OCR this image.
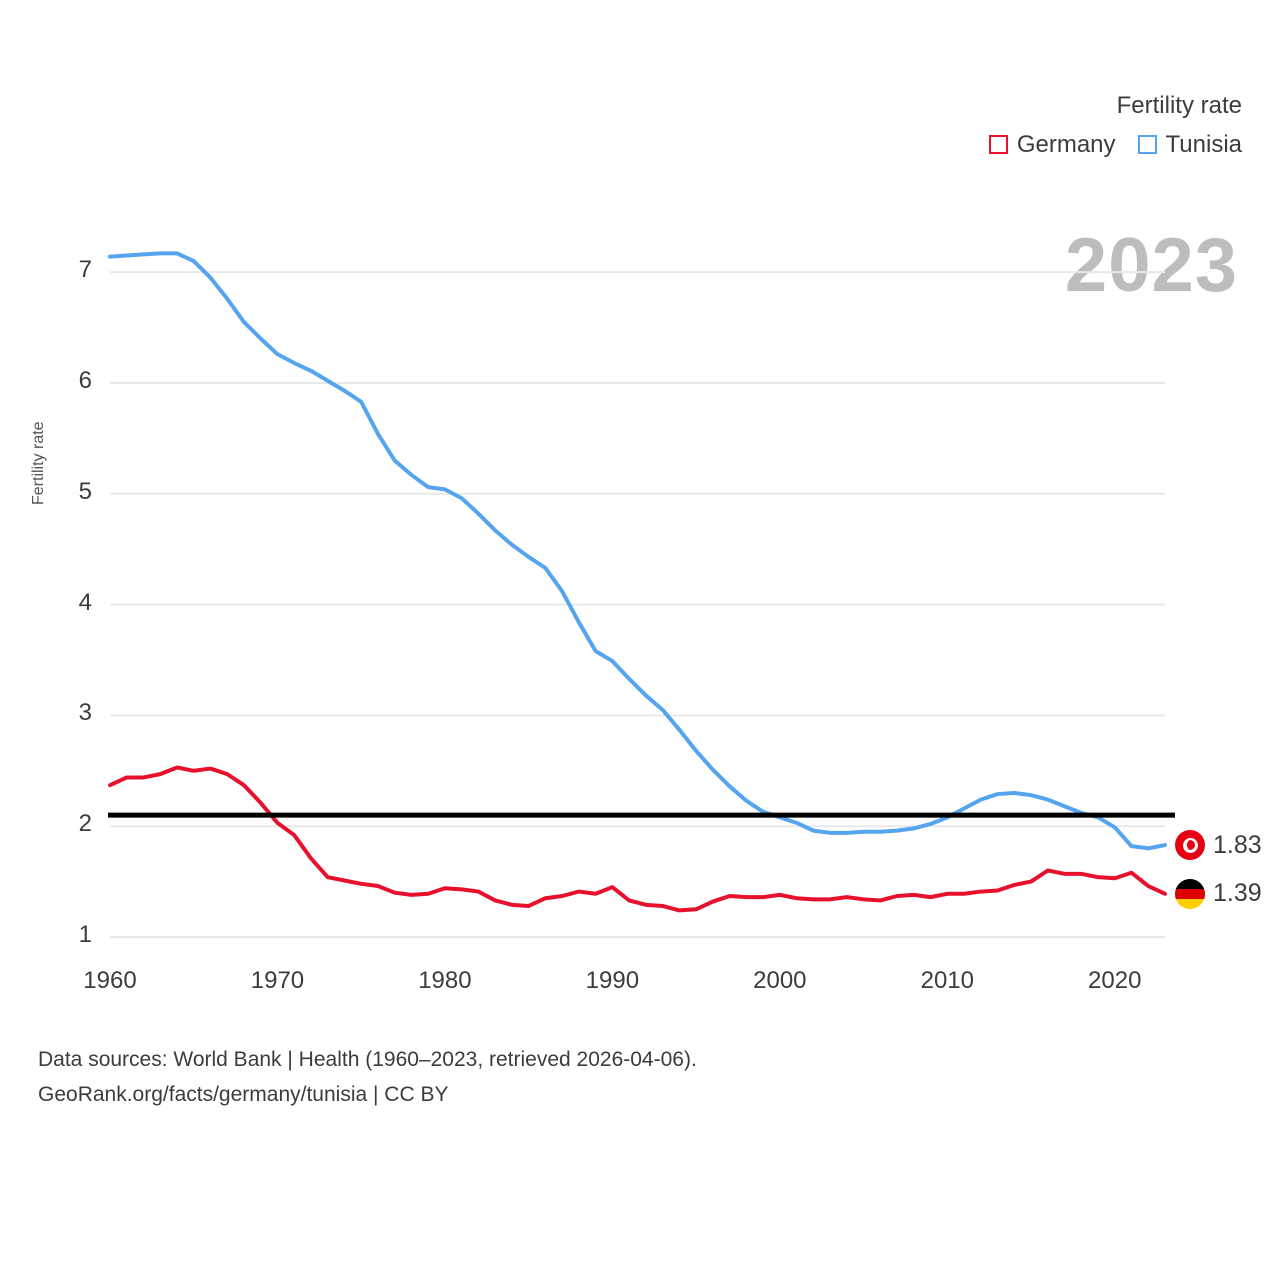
Fertility rate
Germany Tunisia
2023
Fertility rate
1
2
3
4
5
6
7
1960	1970	1980	1990	2000	2010	2020
1.83
1.39
Data sources: World Bank | Health (1960–2023, retrieved 2026-04-06).
GeoRank.org/facts/germany/tunisia | CC BY
